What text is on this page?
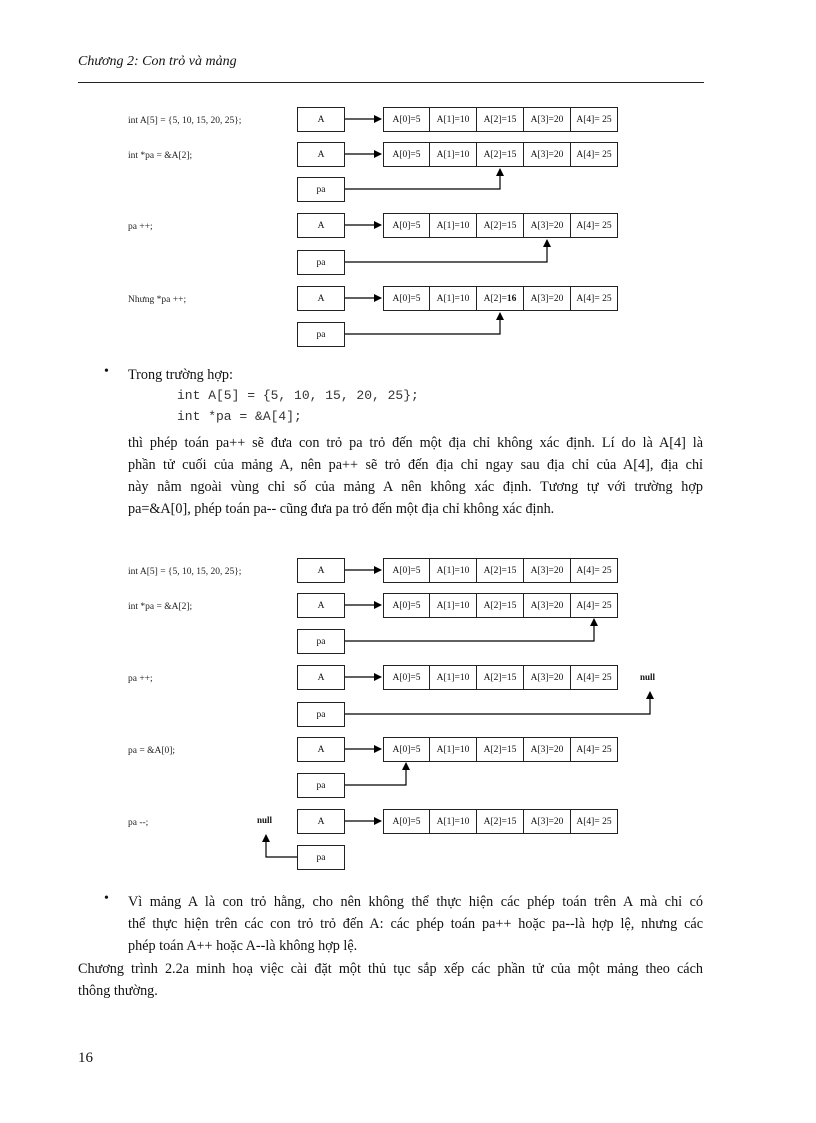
Chương 2: Con trỏ và mảng
int A[5] = {5, 10, 15, 20, 25};	A	A[0]=5	A[1]=10	A[2]=15	A[3]=20	A[4]= 25
int *pa = &A[2];	A	A[0]=5	A[1]=10	A[2]=15	A[3]=20	A[4]= 25
pa
pa ++;	A	A[0]=5	A[1]=10	A[2]=15	A[3]=20	A[4]= 25
pa
Nhưng *pa ++;	A	A[0]=5	A[1]=10	A[2]= 16	A[3]=20	A[4]= 25
pa
• Trong trường hợp:
int A[5] = {5, 10, 15, 20, 25};
int *pa = &A[4];
thì phép toán pa++ sẽ đưa con trỏ pa trỏ đến một địa chỉ không xác định. Lí do là A[4] là
phần tử cuối của mảng A, nên pa++ sẽ trỏ đến địa chỉ ngay sau địa chỉ của A[4], địa chỉ
này nằm ngoài vùng chỉ số của mảng A nên không xác định. Tương tự với trường hợp
pa=&A[0], phép toán pa-- cũng đưa pa trỏ đến một địa chỉ không xác định.
int A[5] = {5, 10, 15, 20, 25};	A	A[0]=5	A[1]=10	A[2]=15	A[3]=20	A[4]= 25
int *pa = &A[2];	A	A[0]=5	A[1]=10	A[2]=15	A[3]=20	A[4]= 25
pa
pa ++;	A	A[0]=5	A[1]=10	A[2]=15	A[3]=20	A[4]= 25	null
pa
pa = &A[0];	A	A[0]=5	A[1]=10	A[2]=15	A[3]=20	A[4]= 25
pa
pa --;	null	A	A[0]=5	A[1]=10	A[2]=15	A[3]=20	A[4]= 25
pa
• Vì mảng A là con trỏ hằng, cho nên không thể thực hiện các phép toán trên A mà chỉ có
thể thực hiện trên các con trỏ trỏ đến A: các phép toán pa++ hoặc pa--là hợp lệ, nhưng các
phép toán A++ hoặc A--là không hợp lệ.
Chương trình 2.2a minh hoạ việc cài đặt một thủ tục sắp xếp các phần tử của một mảng theo cách
thông thường.
16
